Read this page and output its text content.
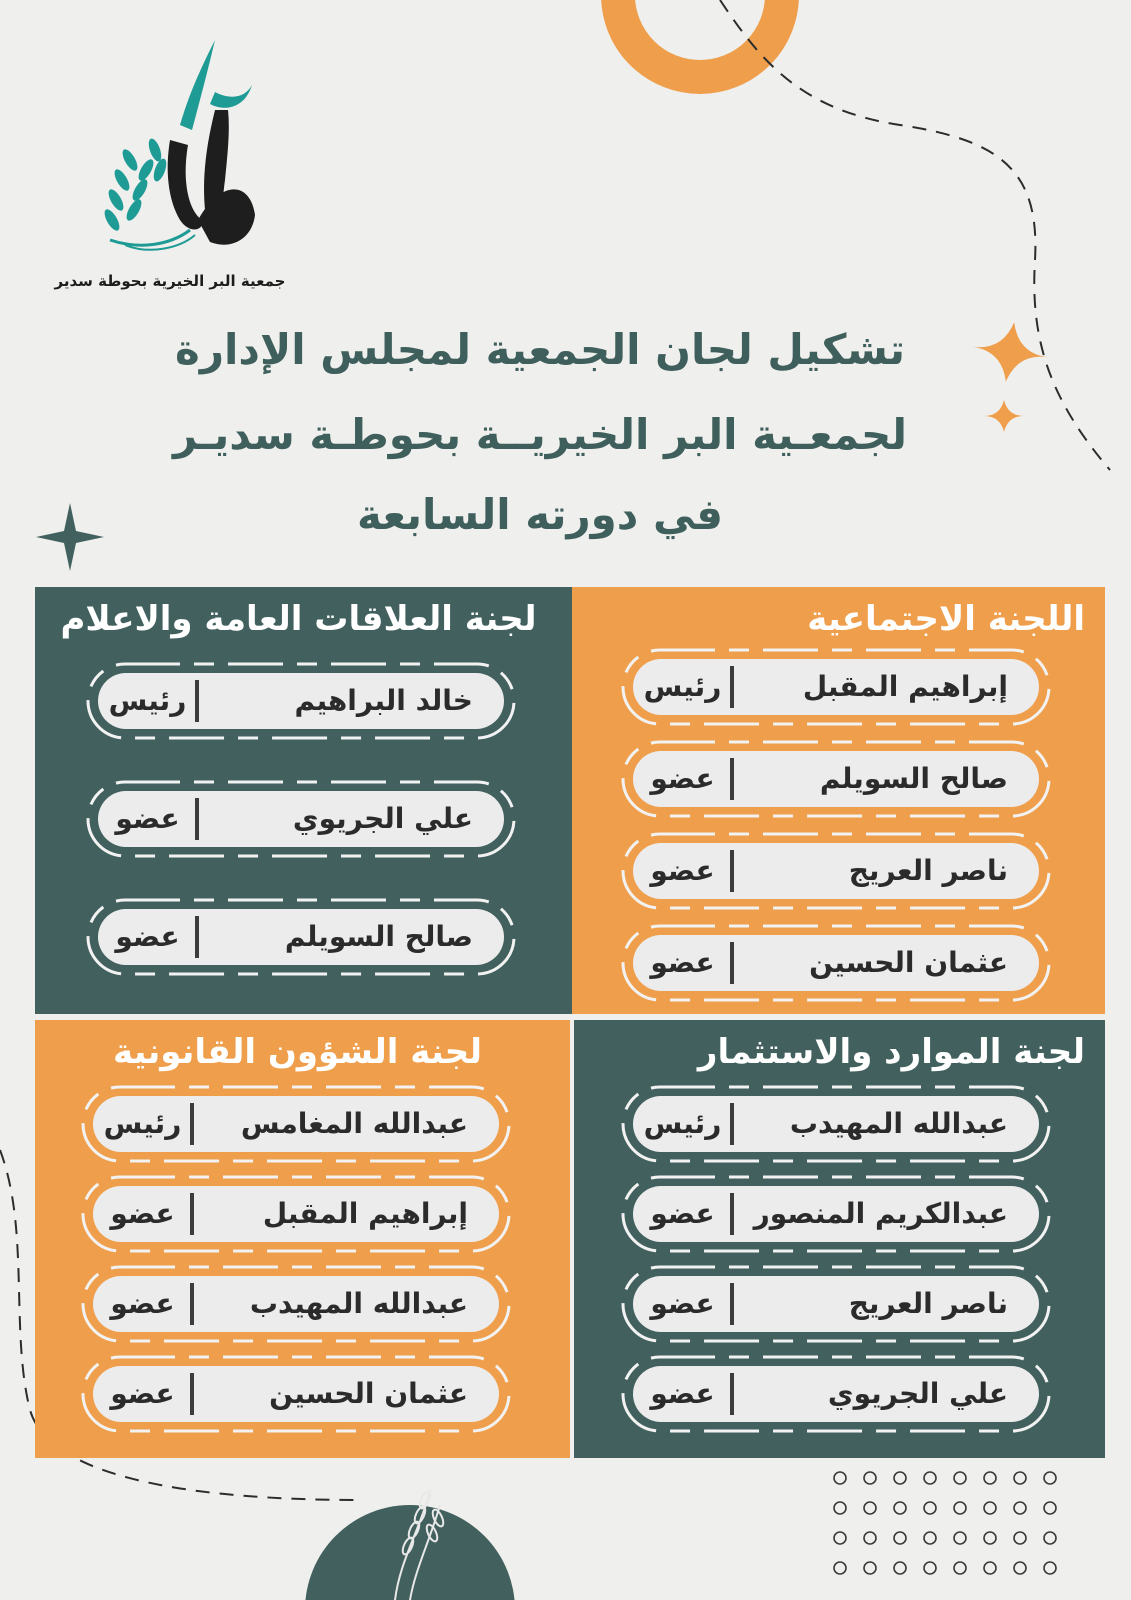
جمعية البر الخيرية بحوطة سدير
تشكيل لجان الجمعية لمجلس الإدارة
لجمعـية البر الخيريــة بحوطـة سديـر
في دورته السابعة
اللجنة الاجتماعية
لجنة العلاقات العامة والاعلام
لجنة الموارد والاستثمار
لجنة الشؤون القانونية
رئيس	إبراهيم المقبل
عضو	صالح السويلم
عضو	ناصر العريج
عضو	عثمان الحسين
رئيس	خالد البراهيم
عضو	علي الجريوي
عضو	صالح السويلم
رئيس	عبدالله المهيدب
عضو	عبدالكريم المنصور
عضو	ناصر العريج
عضو	علي الجريوي
رئيس	عبدالله المغامس
عضو	إبراهيم المقبل
عضو	عبدالله المهيدب
عضو	عثمان الحسين
